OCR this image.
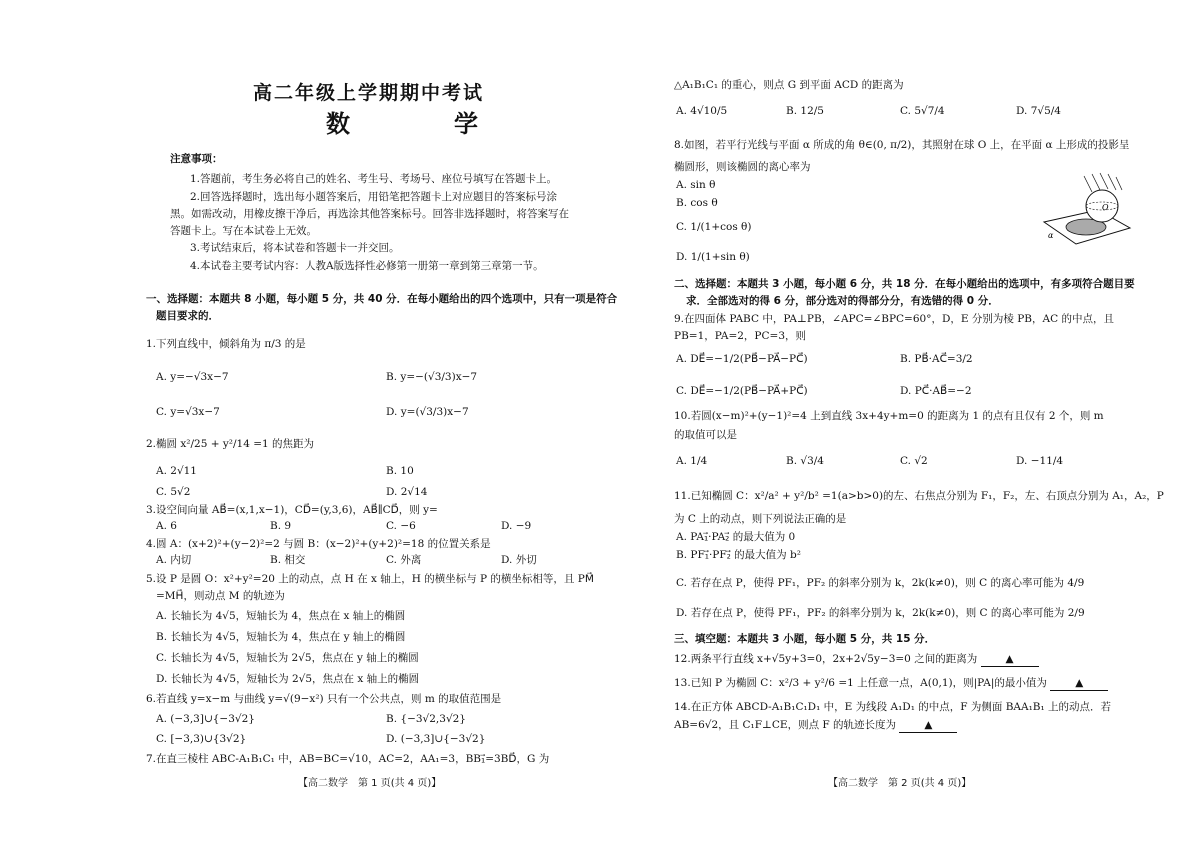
高二年级上学期期中考试
数　学
注意事项：
1.答题前，考生务必将自己的姓名、考生号、考场号、座位号填写在答题卡上。
2.回答选择题时，选出每小题答案后，用铅笔把答题卡上对应题目的答案标号涂
黑。如需改动，用橡皮擦干净后，再选涂其他答案标号。回答非选择题时，将答案写在
答题卡上。写在本试卷上无效。
3.考试结束后，将本试卷和答题卡一并交回。
4.本试卷主要考试内容：人教A版选择性必修第一册第一章到第三章第一节。
一、选择题：本题共 8 小题，每小题 5 分，共 40 分．在每小题给出的四个选项中，只有一项是符合
题目要求的．
1.下列直线中，倾斜角为 π/3 的是
A. y=−√3x−7	B. y=−(√3/3)x−7
C. y=√3x−7	D. y=(√3/3)x−7
2.椭圆 x²/25 + y²/14 =1 的焦距为
A. 2√11	B. 10
C. 5√2	D. 2√14
3.设空间向量 AB⃗=(x,1,x−1)，CD⃗=(y,3,6)，AB⃗∥CD⃗，则 y=
A. 6	B. 9	C. −6	D. −9
4.圆 A：(x+2)²+(y−2)²=2 与圆 B：(x−2)²+(y+2)²=18 的位置关系是
A. 内切	B. 相交	C. 外离	D. 外切
5.设 P 是圆 O：x²+y²=20 上的动点，点 H 在 x 轴上，H 的横坐标与 P 的横坐标相等，且 PM⃗
=MH⃗，则动点 M 的轨迹为
A. 长轴长为 4√5，短轴长为 4，焦点在 x 轴上的椭圆
B. 长轴长为 4√5，短轴长为 4，焦点在 y 轴上的椭圆
C. 长轴长为 4√5，短轴长为 2√5，焦点在 y 轴上的椭圆
D. 长轴长为 4√5，短轴长为 2√5，焦点在 x 轴上的椭圆
6.若直线 y=x−m 与曲线 y=√(9−x²) 只有一个公共点，则 m 的取值范围是
A. (−3,3]∪{−3√2}	B. {−3√2,3√2}
C. [−3,3)∪{3√2}	D. (−3,3]∪{−3√2}
7.在直三棱柱 ABC-A₁B₁C₁ 中，AB=BC=√10，AC=2，AA₁=3，BB₁⃗=3BD⃗，G 为
【高二数学　第 1 页(共 4 页)】
△A₁B₁C₁ 的重心，则点 G 到平面 ACD 的距离为
A. 4√10/5	B. 12/5	C. 5√7/4	D. 7√5/4
8.如图，若平行光线与平面 α 所成的角 θ∈(0, π/2)，其照射在球 O 上，在平面 α 上形成的投影呈
椭圆形，则该椭圆的离心率为
A. sin θ
B. cos θ
C. 1/(1+cos θ)
D. 1/(1+sin θ)
O
α
二、选择题：本题共 3 小题，每小题 6 分，共 18 分．在每小题给出的选项中，有多项符合题目要
求．全部选对的得 6 分，部分选对的得部分分，有选错的得 0 分．
9.在四面体 PABC 中，PA⊥PB，∠APC=∠BPC=60°，D，E 分别为棱 PB，AC 的中点，且
PB=1，PA=2，PC=3，则
A. DE⃗=−1/2(PB⃗−PA⃗−PC⃗)	B. PB⃗·AC⃗=3/2
C. DE⃗=−1/2(PB⃗−PA⃗+PC⃗)	D. PC⃗·AB⃗=−2
10.若圆(x−m)²+(y−1)²=4 上到直线 3x+4y+m=0 的距离为 1 的点有且仅有 2 个，则 m
的取值可以是
A. 1/4	B. √3/4	C. √2	D. −11/4
11.已知椭圆 C：x²/a² + y²/b² =1(a>b>0)的左、右焦点分别为 F₁，F₂，左、右顶点分别为 A₁，A₂，P
为 C 上的动点，则下列说法正确的是
A. PA₁⃗·PA₂⃗ 的最大值为 0
B. PF₁⃗·PF₂⃗ 的最大值为 b²
C. 若存在点 P，使得 PF₁，PF₂ 的斜率分别为 k，2k(k≠0)，则 C 的离心率可能为 4/9
D. 若存在点 P，使得 PF₁，PF₂ 的斜率分别为 k，2k(k≠0)，则 C 的离心率可能为 2/9
三、填空题：本题共 3 小题，每小题 5 分，共 15 分．
12.两条平行直线 x+√5y+3=0，2x+2√5y−3=0 之间的距离为	▲
13.已知 P 为椭圆 C：x²/3 + y²/6 =1 上任意一点，A(0,1)，则|PA|的最小值为	▲
14.在正方体 ABCD-A₁B₁C₁D₁ 中，E 为线段 A₁D₁ 的中点，F 为侧面 BAA₁B₁ 上的动点．若
AB=6√2，且 C₁F⊥CE，则点 F 的轨迹长度为	▲
【高二数学　第 2 页(共 4 页)】
